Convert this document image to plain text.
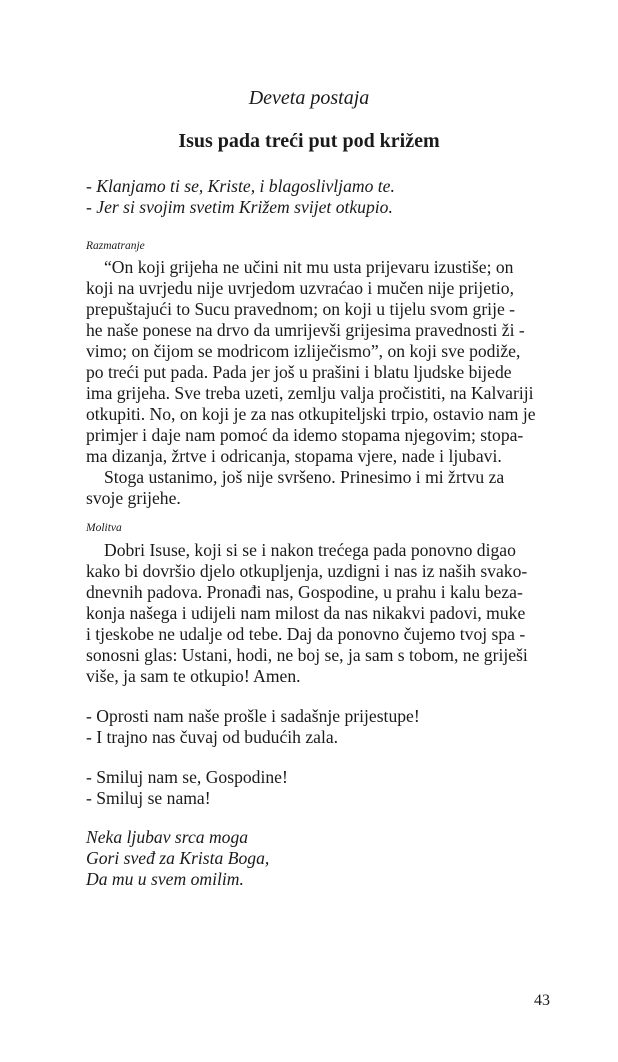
Deveta postaja
Isus pada treći put pod križem
- Klanjamo ti se, Kriste, i blagoslivljamo te.
- Jer si svojim svetim Križem svijet otkupio.
Razmatranje
“On koji grijeha ne učini nit mu usta prijevaru izustiše; on
koji na uvrjedu nije uvrjedom uzvraćao i mučen nije prijetio,
prepuštajući to Sucu pravednom; on koji u tijelu svom grije -
he naše ponese na drvo da umrijevši grijesima pravednosti ži -
vimo; on čijom se modricom izliječismo”, on koji sve podiže,
po treći put pada. Pada jer još u prašini i blatu ljudske bijede
ima grijeha. Sve treba uzeti, zemlju valja pročistiti, na Kalvariji
otkupiti. No, on koji je za nas otkupiteljski trpio, ostavio nam je
primjer i daje nam pomoć da idemo stopama njegovim; stopa-
ma dizanja, žrtve i odricanja, stopama vjere, nade i ljubavi.
Stoga ustanimo, još nije svršeno. Prinesimo i mi žrtvu za
svoje grijehe.
Molitva
Dobri Isuse, koji si se i nakon trećega pada ponovno digao
kako bi dovršio djelo otkupljenja, uzdigni i nas iz naših svako-
dnevnih padova. Pronađi nas, Gospodine, u prahu i kalu beza-
konja našega i udijeli nam milost da nas nikakvi padovi, muke
i tjeskobe ne udalje od tebe. Daj da ponovno čujemo tvoj spa -
sonosni glas: Ustani, hodi, ne boj se, ja sam s tobom, ne griješi
više, ja sam te otkupio! Amen.
- Oprosti nam naše prošle i sadašnje prijestupe!
- I trajno nas čuvaj od budućih zala.
- Smiluj nam se, Gospodine!
- Smiluj se nama!
Neka ljubav srca moga
Gori sveđ za Krista Boga,
Da mu u svem omilim.
43
